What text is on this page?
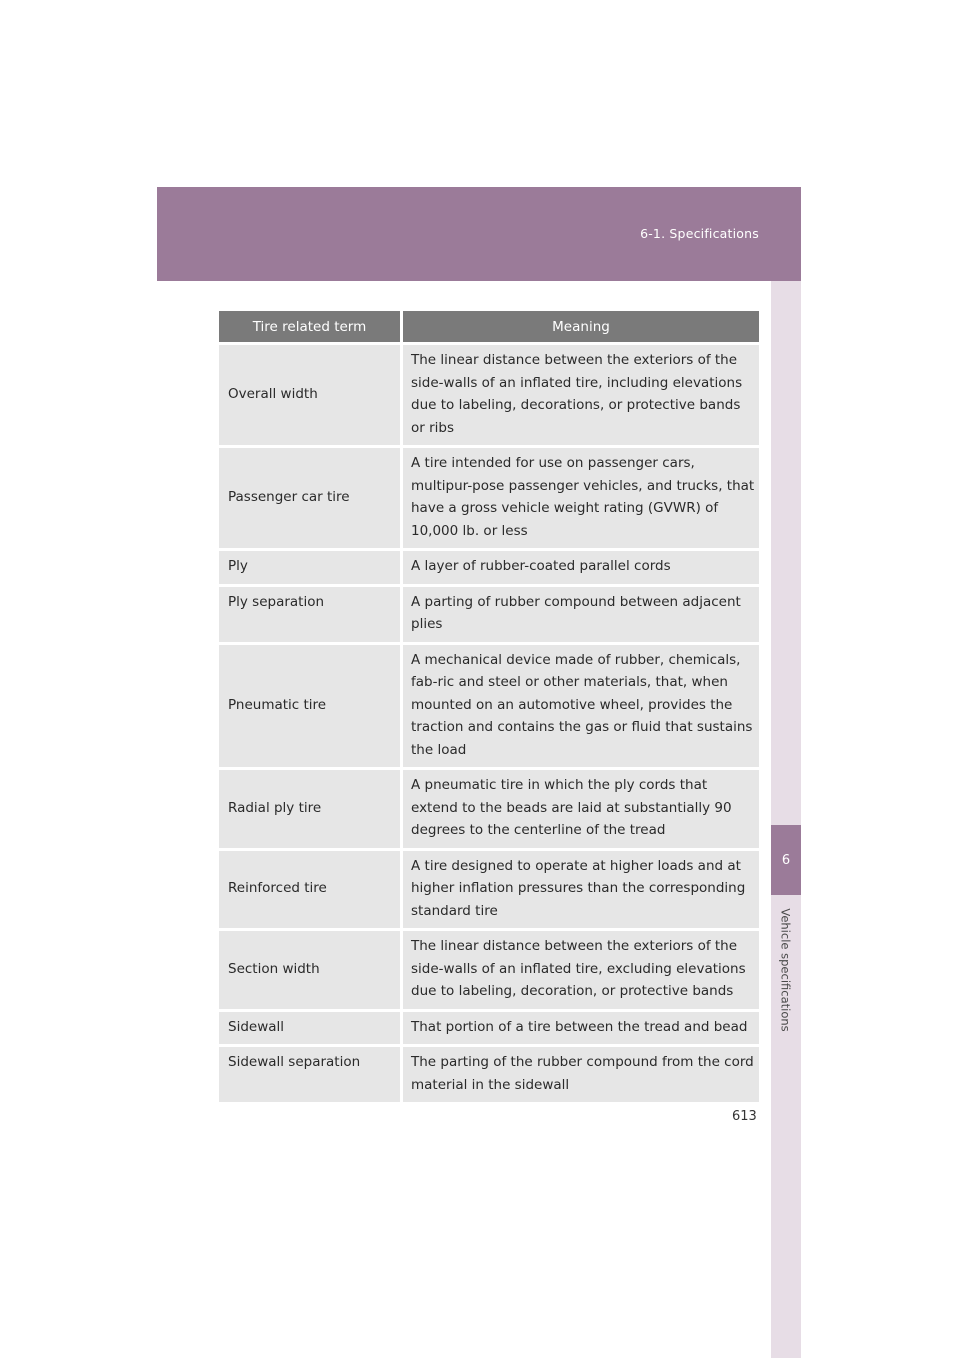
6-1. Specifications
6
Vehicle specifications
Tire related term	Meaning
Overall width	The linear distance between the exteriors of the side-walls of an inflated tire, including elevations due to labeling, decorations, or protective bands or ribs
Passenger car tire	A tire intended for use on passenger cars, multipur-pose passenger vehicles, and trucks, that have a gross vehicle weight rating (GVWR) of 10,000 lb. or less
Ply	A layer of rubber-coated parallel cords
Ply separation	A parting of rubber compound between adjacent plies
Pneumatic tire	A mechanical device made of rubber, chemicals, fab-ric and steel or other materials, that, when mounted on an automotive wheel, provides the traction and contains the gas or fluid that sustains the load
Radial ply tire	A pneumatic tire in which the ply cords that extend to the beads are laid at substantially 90 degrees to the centerline of the tread
Reinforced tire	A tire designed to operate at higher loads and at higher inflation pressures than the corresponding standard tire
Section width	The linear distance between the exteriors of the side-walls of an inflated tire, excluding elevations due to labeling, decoration, or protective bands
Sidewall	That portion of a tire between the tread and bead
Sidewall separation	The parting of the rubber compound from the cord material in the sidewall
613
